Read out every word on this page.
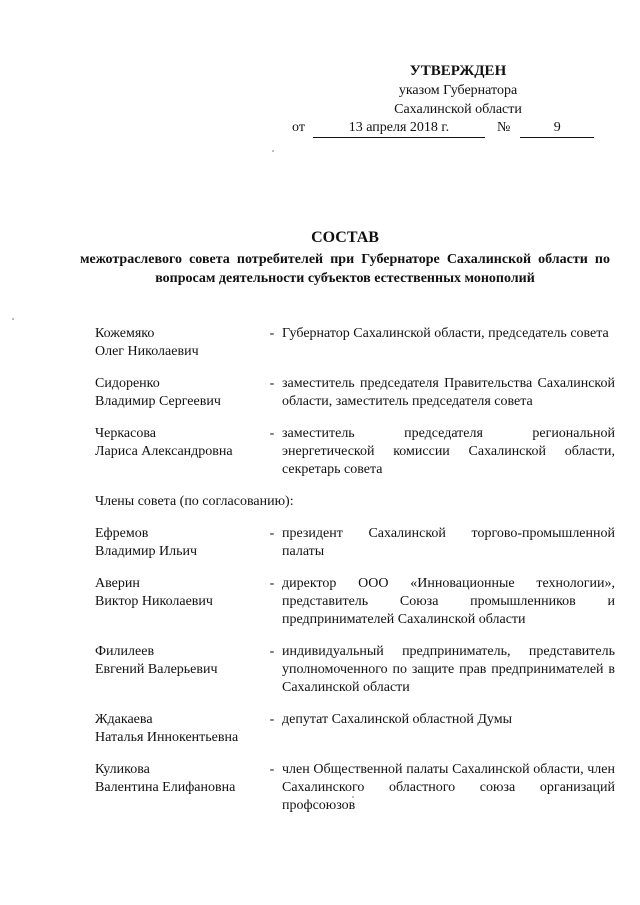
УТВЕРЖДЕН
указом Губернатора
Сахалинской области
от	13 апреля 2018 г.	№	9
СОСТАВ
межотраслевого совета потребителей при Губернаторе Сахалинской области по вопросам деятельности субъектов естественных монополий
Кожемяко
Олег Николаевич
- Губернатор Сахалинской области, председатель совета
Сидоренко
Владимир Сергеевич
- заместитель председателя Правительства Сахалинской области, заместитель председателя совета
Черкасова
Лариса Александровна
- заместитель председателя региональной энергетической комиссии Сахалинской области, секретарь совета
Члены совета (по согласованию):
Ефремов
Владимир Ильич
- президент Сахалинской торгово-промышленной палаты
Аверин
Виктор Николаевич
- директор ООО «Инновационные технологии», представитель Союза промышленников и предпринимателей Сахалинской области
Филилеев
Евгений Валерьевич
- индивидуальный предприниматель, представитель уполномоченного по защите прав предпринимателей в Сахалинской области
Ждакаева
Наталья Иннокентьевна
- депутат Сахалинской областной Думы
Куликова
Валентина Елифановна
- член Общественной палаты Сахалинской области, член Сахалинского областного союза организаций профсоюзов
